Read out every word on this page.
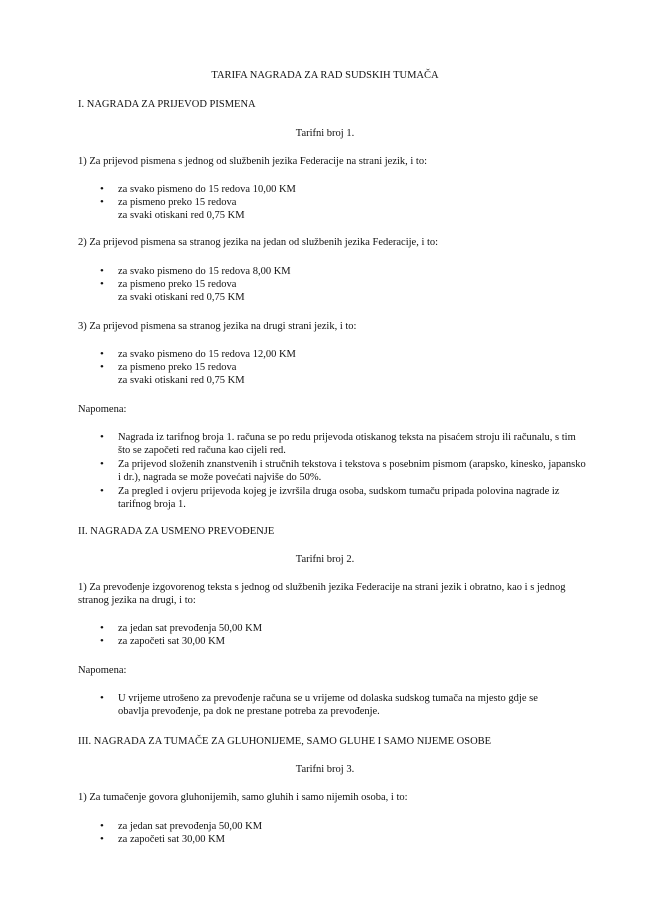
TARIFA NAGRADA ZA RAD SUDSKIH TUMAČA
I. NAGRADA ZA PRIJEVOD PISMENA
Tarifni broj 1.
1) Za prijevod pismena s jednog od službenih jezika Federacije na strani jezik, i to:
• za svako pismeno do 15 redova 10,00 KM
• za pismeno preko 15 redova
za svaki otiskani red 0,75 KM
2) Za prijevod pismena sa stranog jezika na jedan od službenih jezika Federacije, i to:
• za svako pismeno do 15 redova 8,00 KM
• za pismeno preko 15 redova
za svaki otiskani red 0,75 KM
3) Za prijevod pismena sa stranog jezika na drugi strani jezik, i to:
• za svako pismeno do 15 redova 12,00 KM
• za pismeno preko 15 redova
za svaki otiskani red 0,75 KM
Napomena:
• Nagrada iz tarifnog broja 1. računa se po redu prijevoda otiskanog teksta na pisaćem stroju ili računalu, s tim što se započeti red računa kao cijeli red.
• Za prijevod složenih znanstvenih i stručnih tekstova i tekstova s posebnim pismom (arapsko, kinesko, japansko i dr.), nagrada se može povećati najviše do 50%.
• Za pregled i ovjeru prijevoda kojeg je izvršila druga osoba, sudskom tumaču pripada polovina nagrade iz tarifnog broja 1.
II. NAGRADA ZA USMENO PREVOĐENJE
Tarifni broj 2.
1) Za prevođenje izgovorenog teksta s jednog od službenih jezika Federacije na strani jezik i obratno, kao i s jednog stranog jezika na drugi, i to:
• za jedan sat prevođenja 50,00 KM
• za započeti sat 30,00 KM
Napomena:
• U vrijeme utrošeno za prevođenje računa se u vrijeme od dolaska sudskog tumača na mjesto gdje se obavlja prevođenje, pa dok ne prestane potreba za prevođenje.
III. NAGRADA ZA TUMAČE ZA GLUHONIJEME, SAMO GLUHE I SAMO NIJEME OSOBE
Tarifni broj 3.
1) Za tumačenje govora gluhonijemih, samo gluhih i samo nijemih osoba, i to:
• za jedan sat prevođenja 50,00 KM
• za započeti sat 30,00 KM
